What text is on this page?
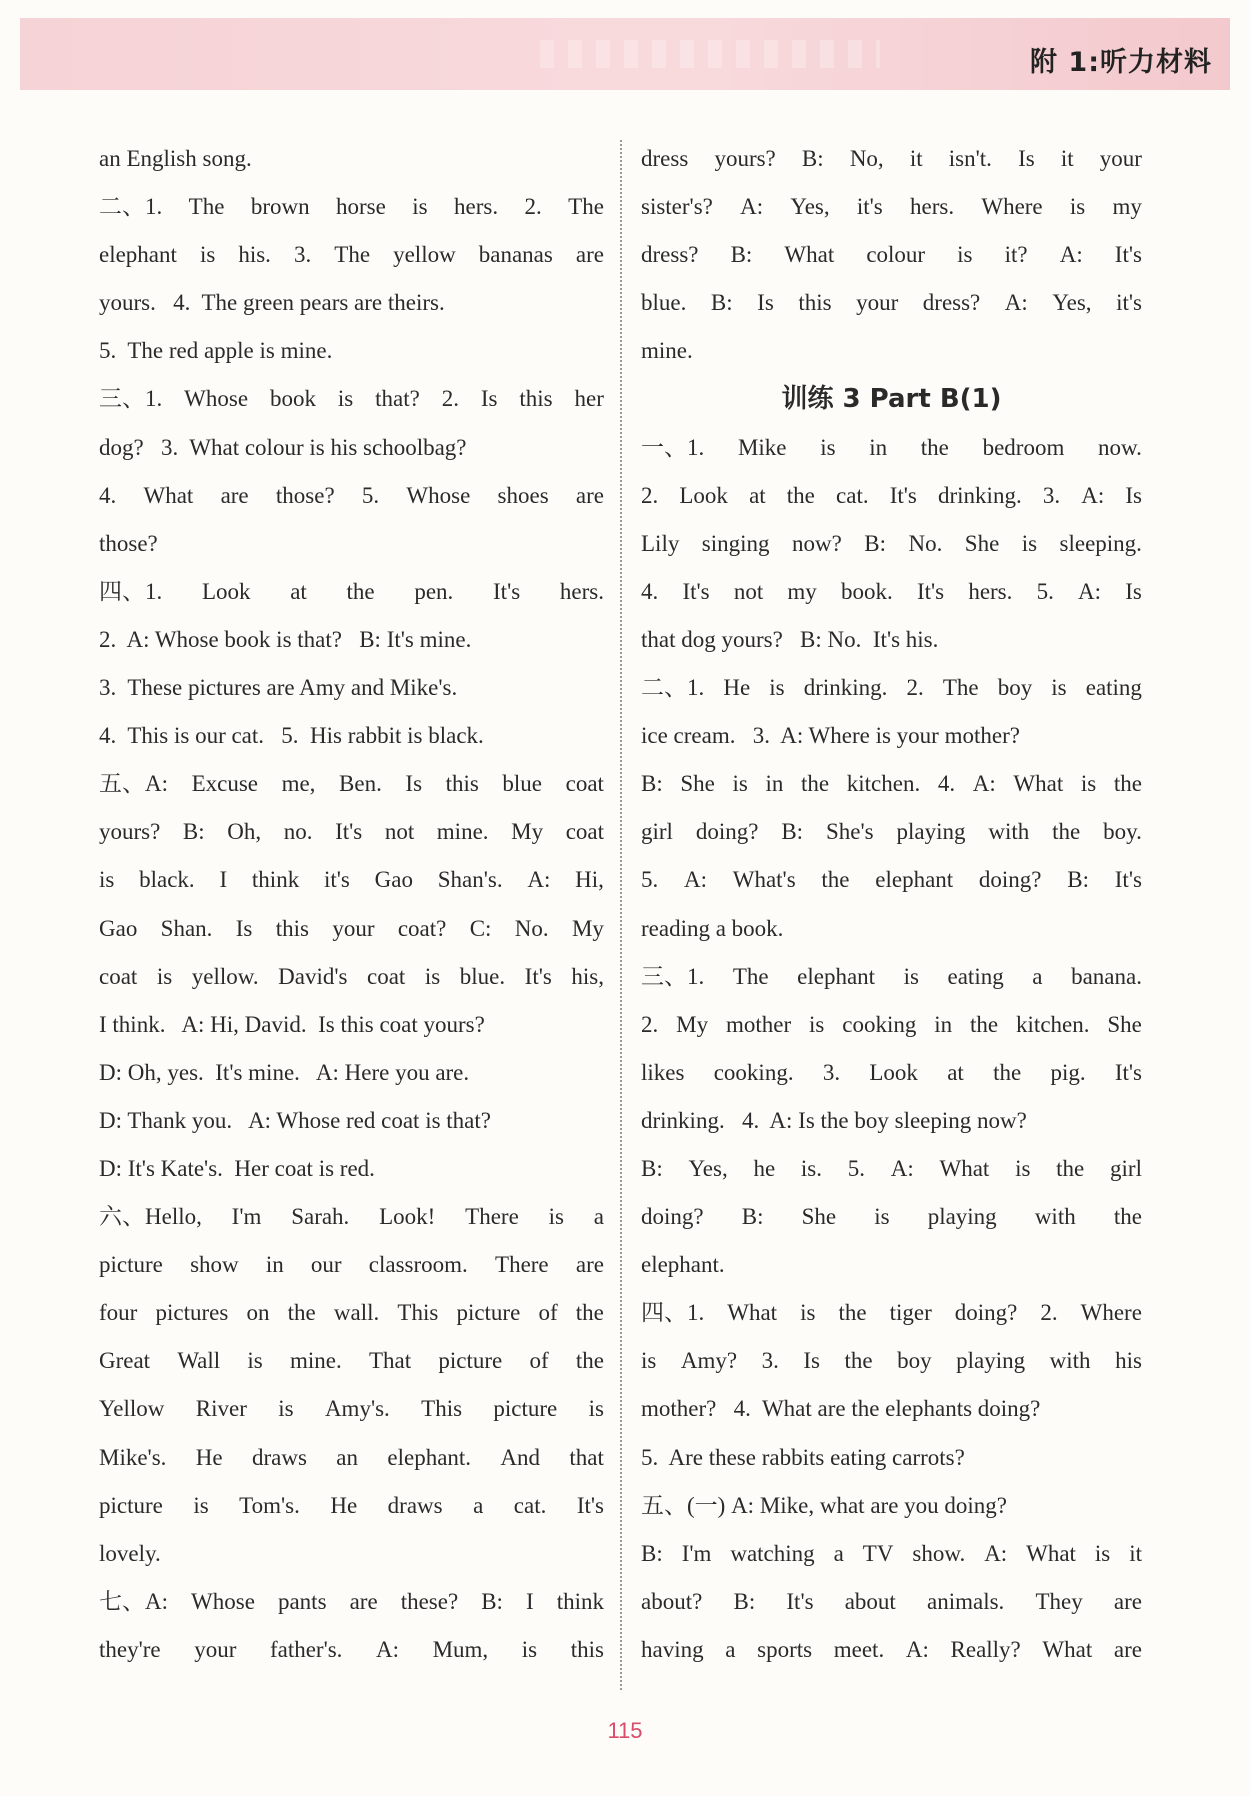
附 1:听力材料
an English song.
二、1. The brown horse is hers. 2. The
elephant is his. 3. The yellow bananas are
yours.   4.  The green pears are theirs.
5.  The red apple is mine.
三、1. Whose book is that? 2. Is this her
dog?   3.  What colour is his schoolbag?
4. What are those? 5. Whose shoes are
those?
四、1. Look at the pen. It's hers.
2.  A: Whose book is that?   B: It's mine.
3.  These pictures are Amy and Mike's.
4.  This is our cat.   5.  His rabbit is black.
五、A: Excuse me, Ben. Is this blue coat
yours? B: Oh, no. It's not mine. My coat
is black. I think it's Gao Shan's. A: Hi,
Gao Shan. Is this your coat? C: No. My
coat is yellow. David's coat is blue. It's his,
I think.   A: Hi, David.  Is this coat yours?
D: Oh, yes.  It's mine.   A: Here you are.
D: Thank you.   A: Whose red coat is that?
D: It's Kate's.  Her coat is red.
六、Hello, I'm Sarah. Look! There is a
picture show in our classroom. There are
four pictures on the wall. This picture of the
Great Wall is mine. That picture of the
Yellow River is Amy's. This picture is
Mike's. He draws an elephant. And that
picture is Tom's. He draws a cat. It's
lovely.
七、A: Whose pants are these? B: I think
they're your father's. A: Mum, is this
dress yours? B: No, it isn't. Is it your
sister's? A: Yes, it's hers. Where is my
dress? B: What colour is it? A: It's
blue. B: Is this your dress? A: Yes, it's
mine.
训练 3 Part B(1)
一、1. Mike is in the bedroom now.
2. Look at the cat. It's drinking. 3. A: Is
Lily singing now? B: No. She is sleeping.
4. It's not my book. It's hers. 5. A: Is
that dog yours?   B: No.  It's his.
二、1. He is drinking. 2. The boy is eating
ice cream.   3.  A: Where is your mother?
B: She is in the kitchen. 4. A: What is the
girl doing? B: She's playing with the boy.
5. A: What's the elephant doing? B: It's
reading a book.
三、1. The elephant is eating a banana.
2. My mother is cooking in the kitchen. She
likes cooking. 3. Look at the pig. It's
drinking.   4.  A: Is the boy sleeping now?
B: Yes, he is. 5. A: What is the girl
doing? B: She is playing with the
elephant.
四、1. What is the tiger doing? 2. Where
is Amy? 3. Is the boy playing with his
mother?   4.  What are the elephants doing?
5.  Are these rabbits eating carrots?
五、(一) A: Mike, what are you doing?
B: I'm watching a TV show. A: What is it
about? B: It's about animals. They are
having a sports meet. A: Really? What are
115
